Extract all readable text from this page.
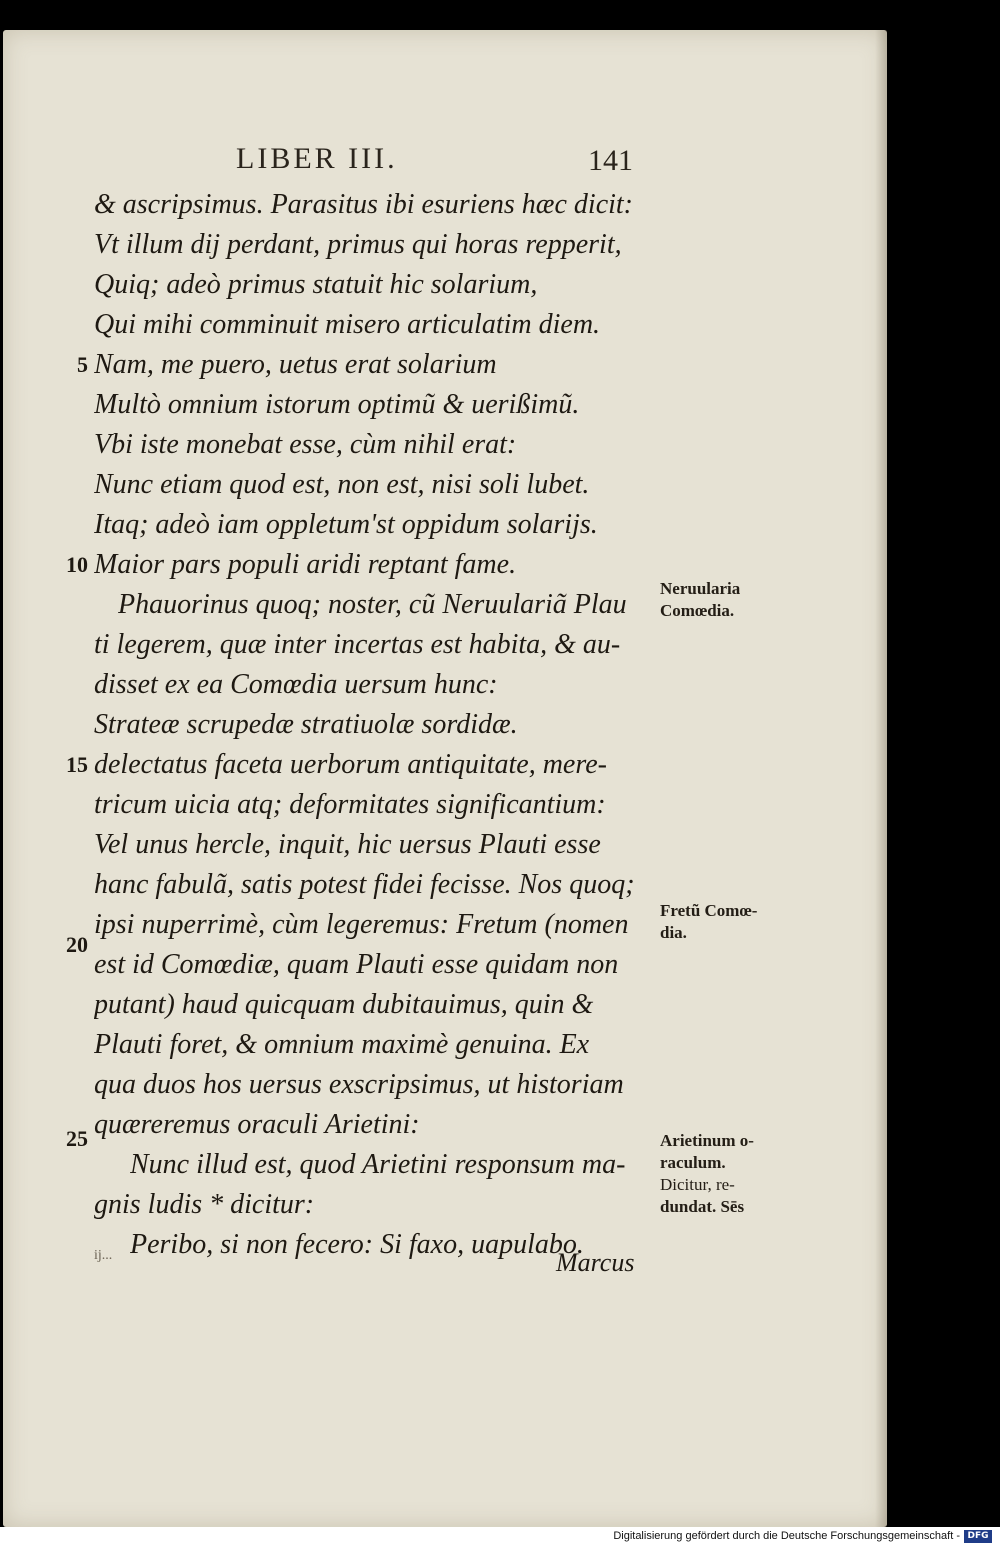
LIBER III.	141
& ascripsimus. Parasitus ibi esuriens hæc dicit:
Vt illum dij perdant, primus qui horas repperit,
Quiq; adeò primus statuit hic solarium,
Qui mihi comminuit misero articulatim diem.
Nam, me puero, uetus erat solarium
Multò omnium istorum optimũ & uerißimũ.
Vbi iste monebat esse, cùm nihil erat:
Nunc etiam quod est, non est, nisi soli lubet.
Itaq; adeò iam oppletum'st oppidum solarijs.
Maior pars populi aridi reptant fame.
Phauorinus quoq; noster, cũ Neruulariã Plau
ti legerem, quæ inter incertas est habita, & au-
disset ex ea Comœdia uersum hunc:
Strateæ scrupedæ stratiuolæ sordidæ.
delectatus faceta uerborum antiquitate, mere-
tricum uicia atq; deformitates significantium:
Vel unus hercle, inquit, hic uersus Plauti esse
hanc fabulã, satis potest fidei fecisse. Nos quoq;
ipsi nuperrimè, cùm legeremus: Fretum (nomen
est id Comœdiæ, quam Plauti esse quidam non
putant) haud quicquam dubitauimus, quin &
Plauti foret, & omnium maximè genuina. Ex
qua duos hos uersus exscripsimus, ut historiam
quæreremus oraculi Arietini:
Nunc illud est, quod Arietini responsum ma-
gnis ludis * dicitur:
Peribo, si non fecero: Si faxo, uapulabo.
5
10
15
20
25
Neruularia
Comœdia.
Fretũ Comœ-
dia.
Arietinum o-
raculum.
Dicitur, re-
dundat. Sēs
ij...	Marcus
Digitalisierung gefördert durch die Deutsche Forschungsgemeinschaft - DFG
